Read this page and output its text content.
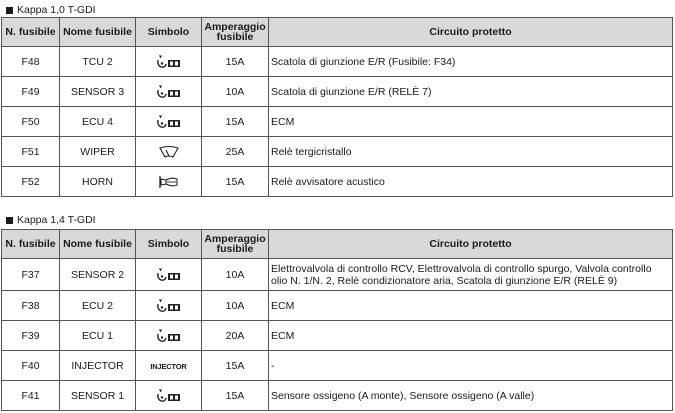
Kappa 1,0 T-GDI
N. fusibile	Nome fusibile	Simbolo	Amperaggio fusibile	Circuito protetto
F48	TCU 2		15A	Scatola di giunzione E/R (Fusibile: F34)
F49	SENSOR 3		10A	Scatola di giunzione E/R (RELÈ 7)
F50	ECU 4		15A	ECM
F51	WIPER		25A	Relè tergicristallo
F52	HORN		15A	Relè avvisatore acustico
Kappa 1,4 T-GDI
N. fusibile	Nome fusibile	Simbolo	Amperaggio fusibile	Circuito protetto
F37	SENSOR 2		10A	Elettrovalvola di controllo RCV, Elettrovalvola di controllo spurgo, Valvola controllo olio N. 1/N. 2, Relè condizionatore aria, Scatola di giunzione E/R (RELÈ 9)
F38	ECU 2		10A	ECM
F39	ECU 1		20A	ECM
F40	INJECTOR	INJECTOR	15A	-
F41	SENSOR 1		15A	Sensore ossigeno (A monte), Sensore ossigeno (A valle)
